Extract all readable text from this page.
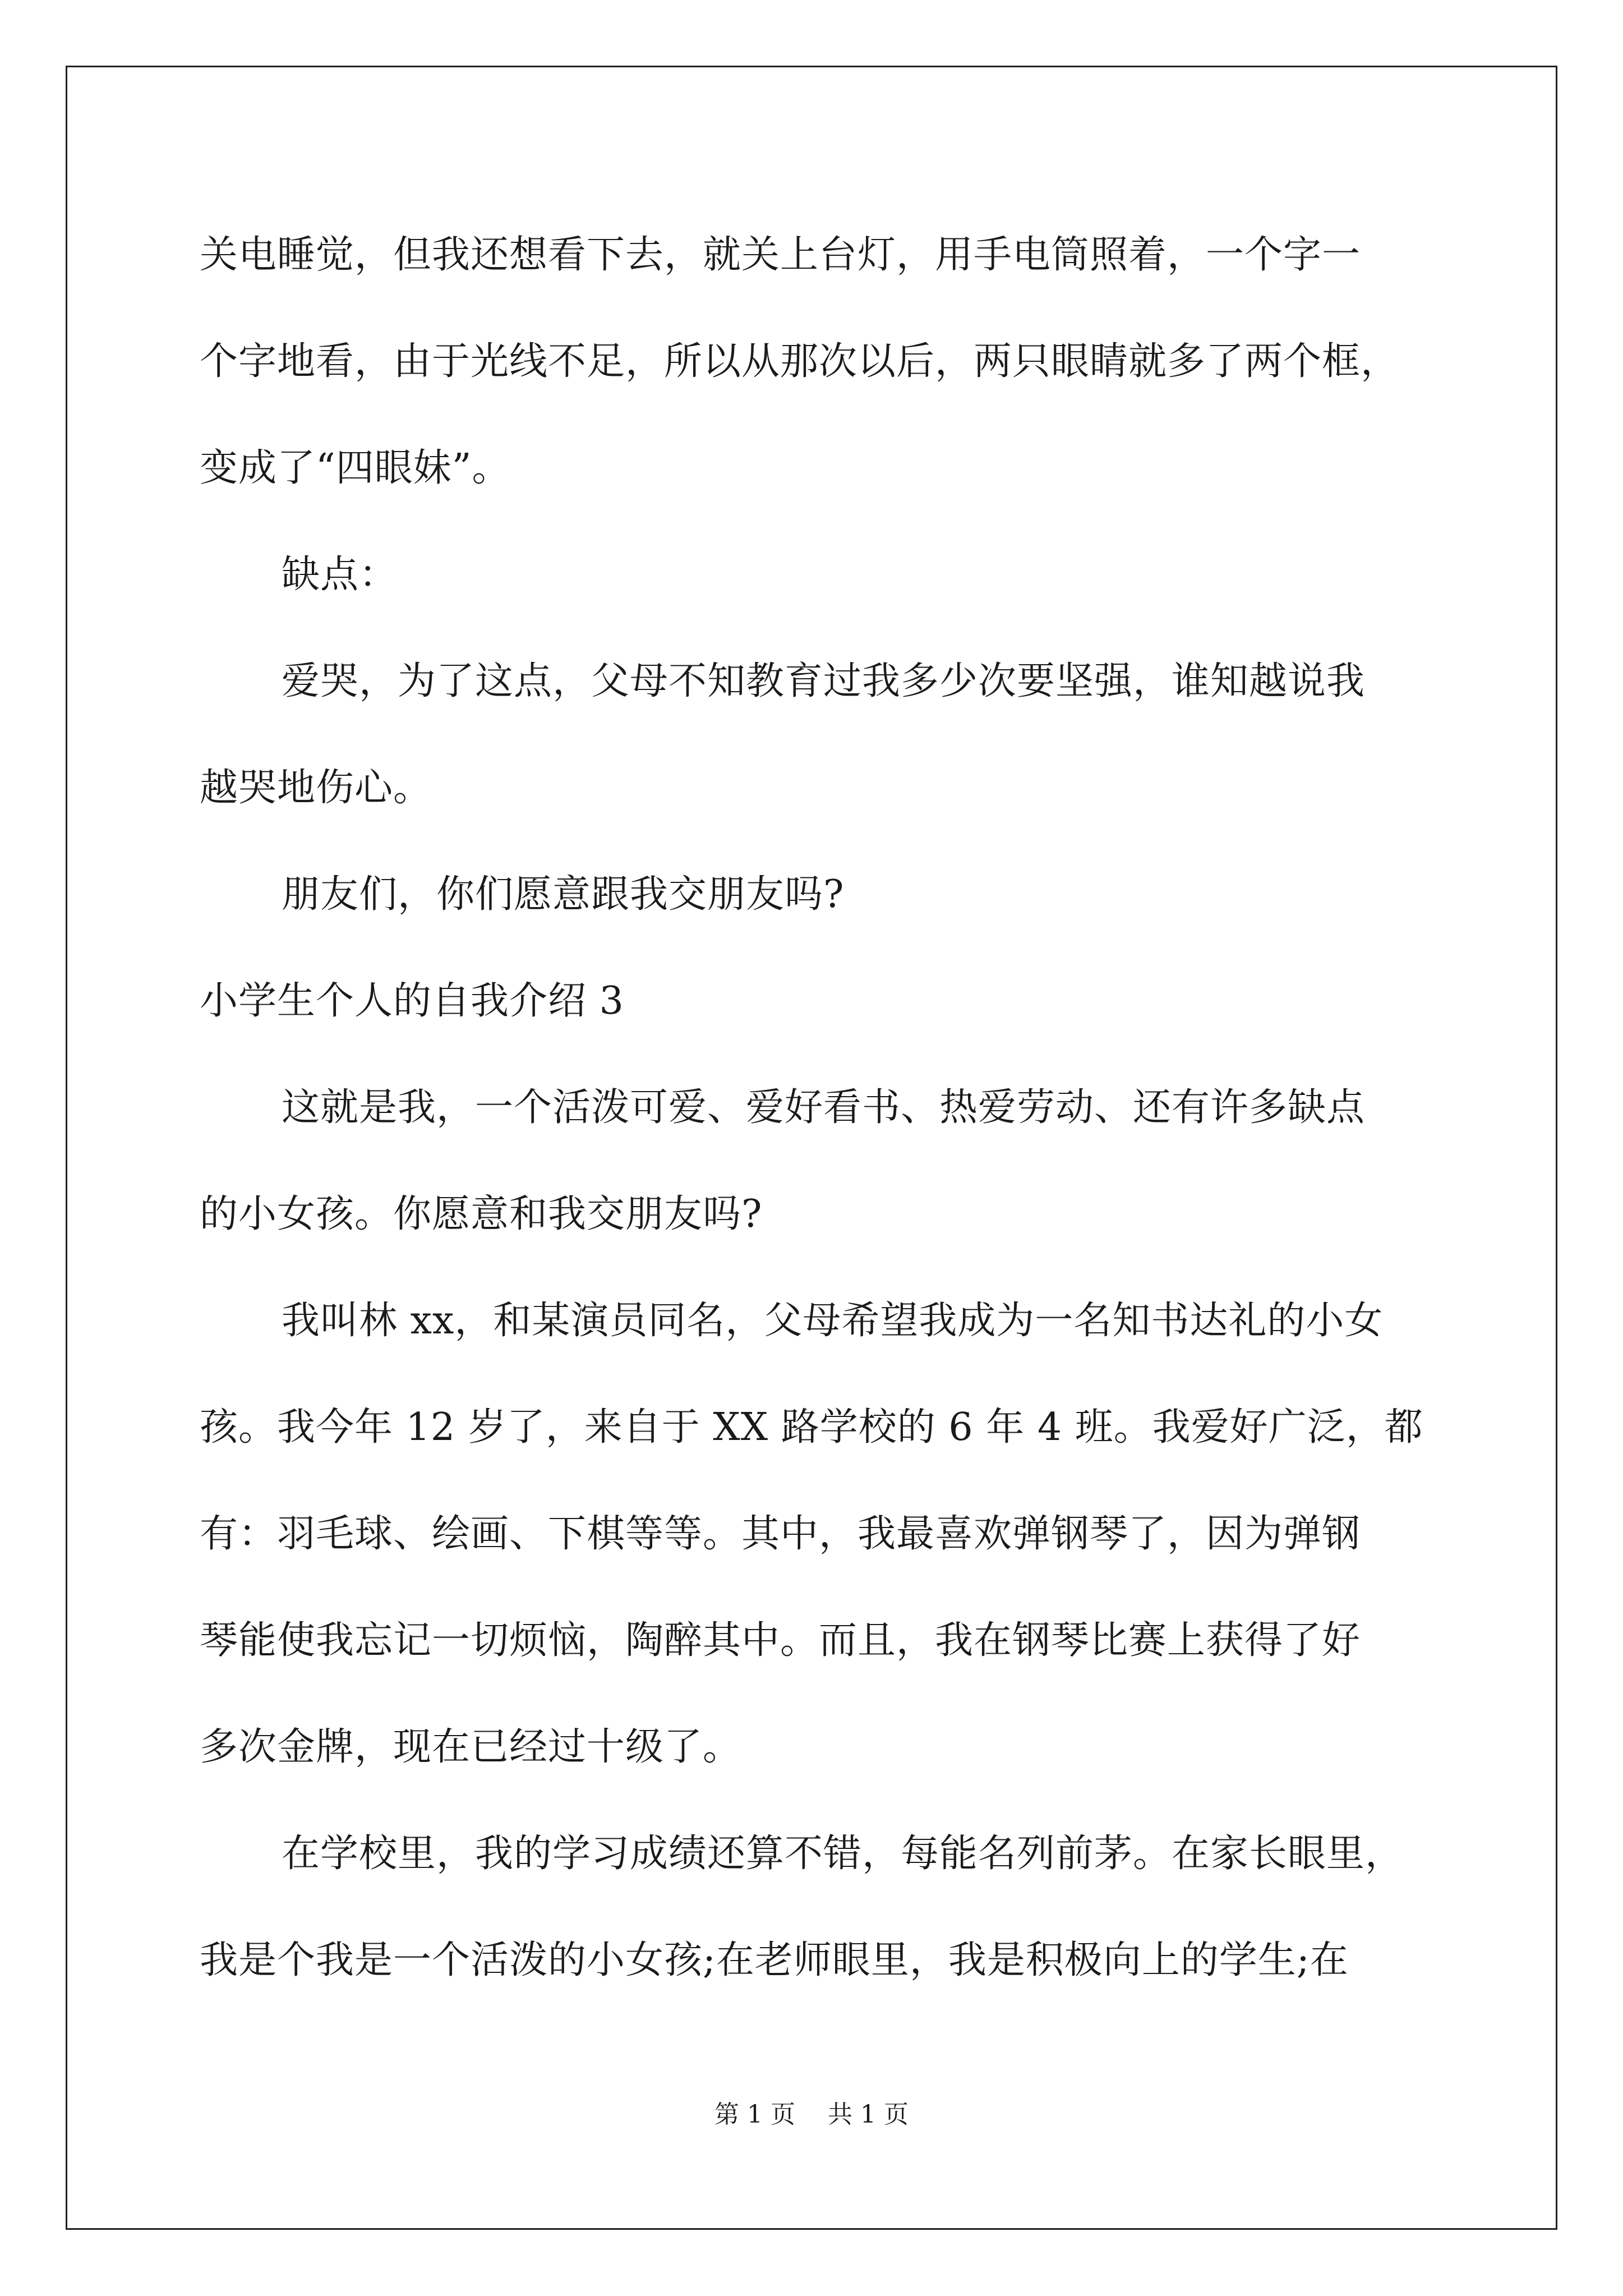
关电睡觉，但我还想看下去，就关上台灯，用手电筒照着，一个字一
个字地看，由于光线不足，所以从那次以后，两只眼睛就多了两个框，
变成了“四眼妹”。
缺点：
爱哭，为了这点，父母不知教育过我多少次要坚强，谁知越说我
越哭地伤心。
朋友们，你们愿意跟我交朋友吗?
小学生个人的自我介绍 3
这就是我，一个活泼可爱、爱好看书、热爱劳动、还有许多缺点
的小女孩。你愿意和我交朋友吗?
我叫林 xx，和某演员同名，父母希望我成为一名知书达礼的小女
孩。我今年 12 岁了，来自于 XX 路学校的 6 年 4 班。我爱好广泛，都
有：羽毛球、绘画、下棋等等。其中，我最喜欢弹钢琴了，因为弹钢
琴能使我忘记一切烦恼，陶醉其中。而且，我在钢琴比赛上获得了好
多次金牌，现在已经过十级了。
在学校里，我的学习成绩还算不错，每能名列前茅。在家长眼里，
我是个我是一个活泼的小女孩;在老师眼里，我是积极向上的学生;在
第 1 页 共 1 页
